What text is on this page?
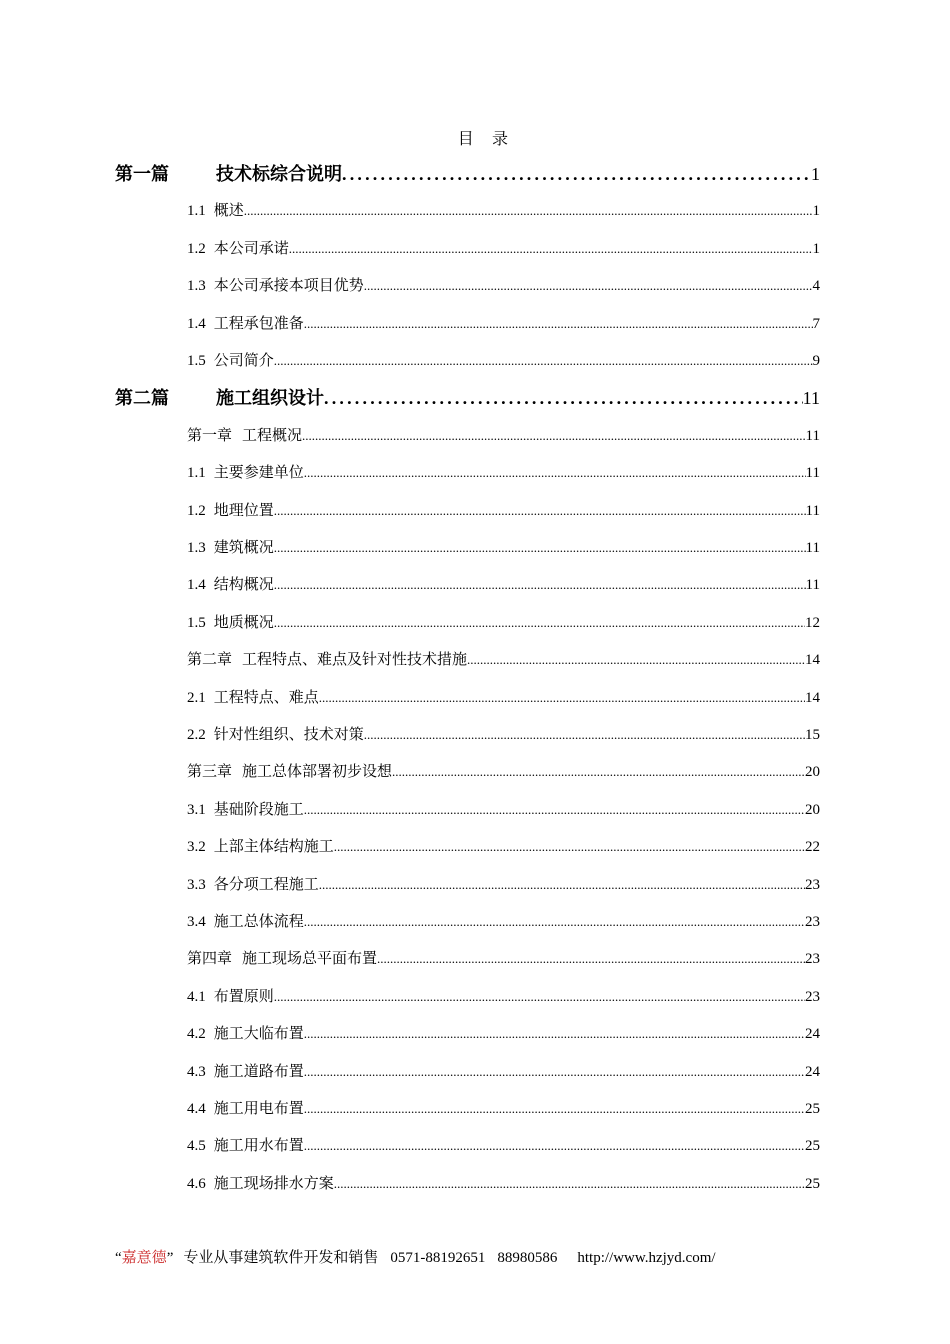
目 录
第一篇	技术标综合说明 .....	1
1.1 概述 .....	1
1.2 本公司承诺 .....	1
1.3 本公司承接本项目优势 .....	4
1.4 工程承包准备 .....	7
1.5 公司简介 .....	9
第二篇	施工组织设计 .....	11
第一章 工程概况 .....	11
1.1 主要参建单位 .....	11
1.2 地理位置 .....	11
1.3 建筑概况 .....	11
1.4 结构概况 .....	11
1.5 地质概况 .....	12
第二章 工程特点、难点及针对性技术措施 .....	14
2.1 工程特点、难点 .....	14
2.2 针对性组织、技术对策 .....	15
第三章 施工总体部署初步设想 .....	20
3.1 基础阶段施工 .....	20
3.2 上部主体结构施工 .....	22
3.3 各分项工程施工 .....	23
3.4 施工总体流程 .....	23
第四章 施工现场总平面布置 .....	23
4.1 布置原则 .....	23
4.2 施工大临布置 .....	24
4.3 施工道路布置 .....	24
4.4 施工用电布置 .....	25
4.5 施工用水布置 .....	25
4.6 施工现场排水方案 .....	25
“嘉意德” 专业从事建筑软件开发和销售 0571-88192651 88980586 http://www.hzjyd.com/
